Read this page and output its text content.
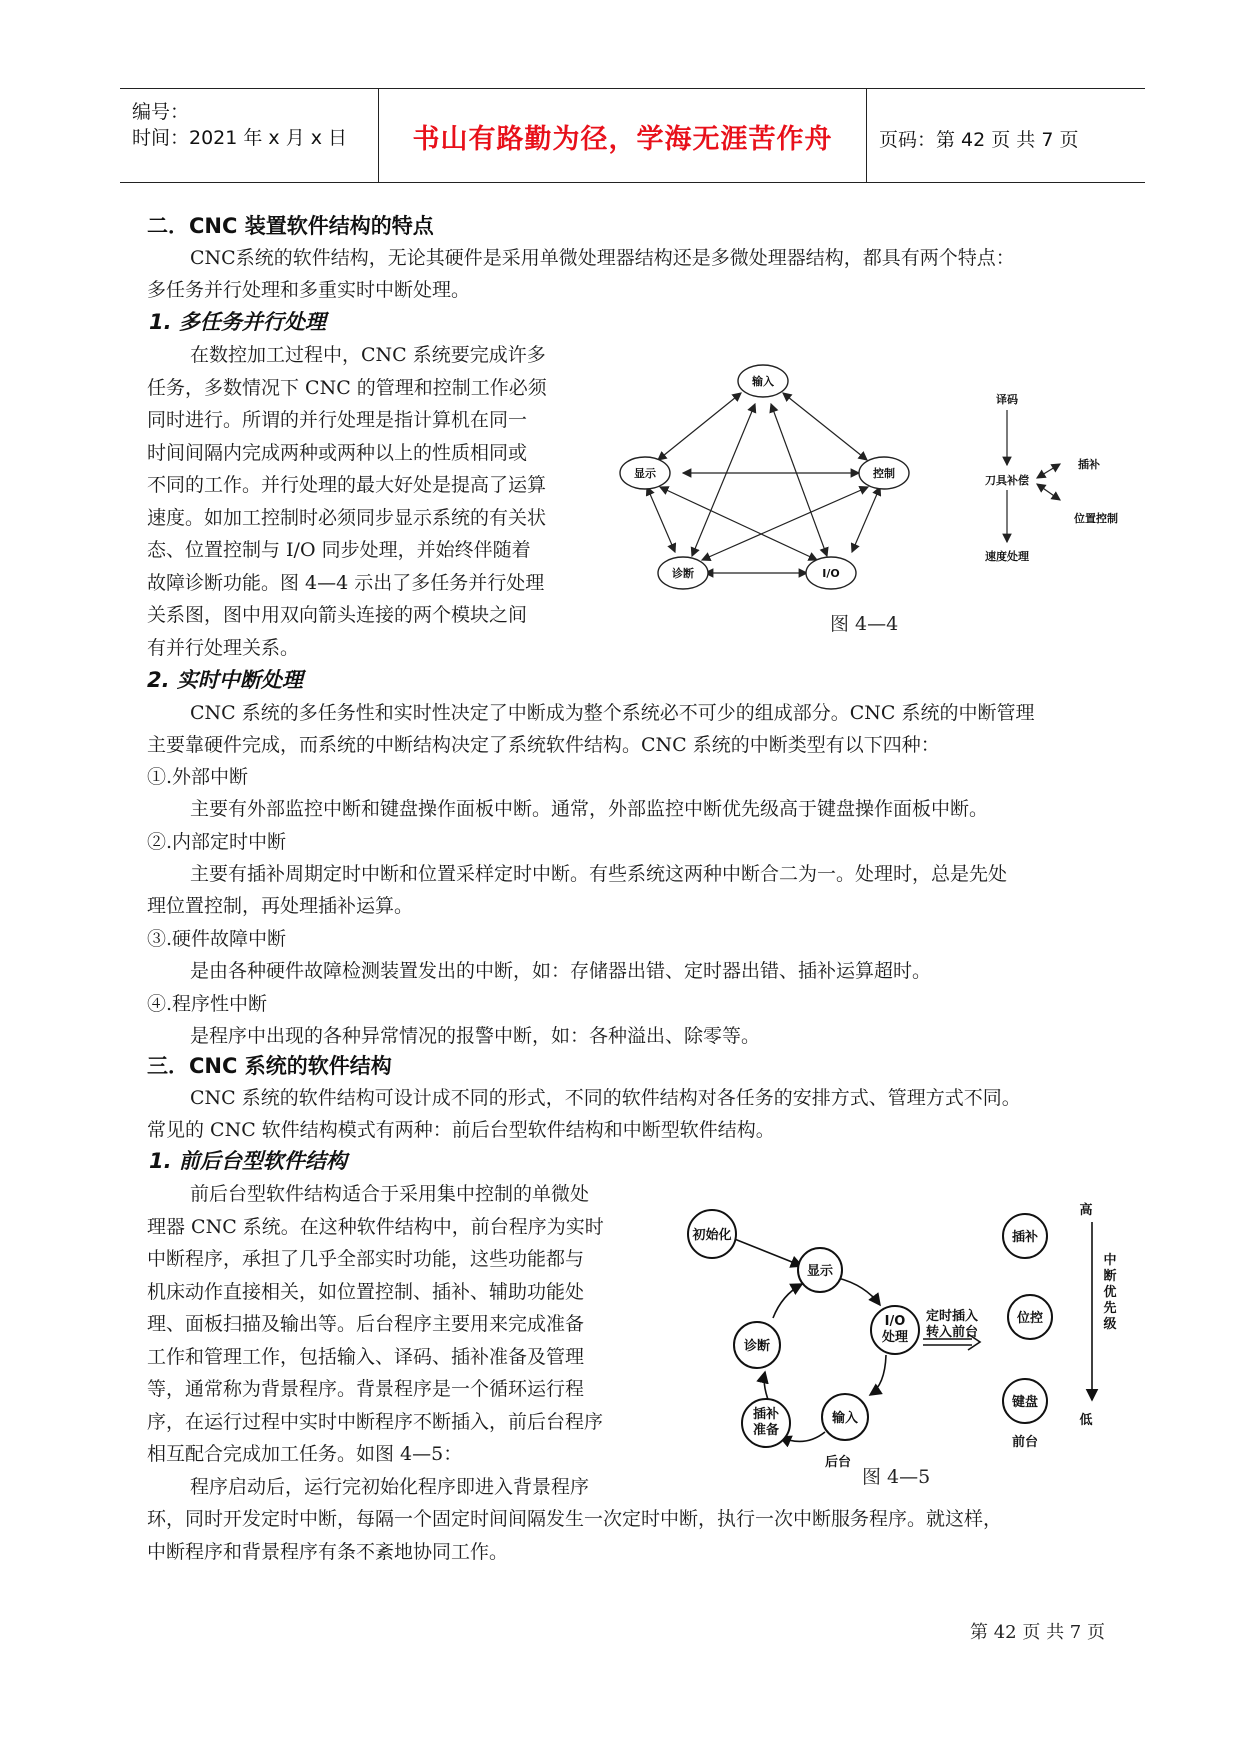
编号：
时间：2021 年 x 月 x 日	书山有路勤为径，学海无涯苦作舟	页码：第 42 页 共 7 页
二．CNC 装置软件结构的特点
CNC系统的软件结构，无论其硬件是采用单微处理器结构还是多微处理器结构，都具有两个特点：
多任务并行处理和多重实时中断处理。
1. 多任务并行处理
在数控加工过程中，CNC 系统要完成许多
任务，多数情况下 CNC 的管理和控制工作必须
同时进行。所谓的并行处理是指计算机在同一
时间间隔内完成两种或两种以上的性质相同或
不同的工作。并行处理的最大好处是提高了运算
速度。如加工控制时必须同步显示系统的有关状
态、位置控制与 I/O 同步处理，并始终伴随着
故障诊断功能。图 4—4 示出了多任务并行处理
关系图，图中用双向箭头连接的两个模块之间
有并行处理关系。
输入
显示	控制
诊断	I/O
译码
刀具补偿
插补
位置控制
速度处理
图 4—4
2. 实时中断处理
CNC 系统的多任务性和实时性决定了中断成为整个系统必不可少的组成部分。CNC 系统的中断管理
主要靠硬件完成，而系统的中断结构决定了系统软件结构。CNC 系统的中断类型有以下四种：
①.外部中断
主要有外部监控中断和键盘操作面板中断。通常，外部监控中断优先级高于键盘操作面板中断。
②.内部定时中断
主要有插补周期定时中断和位置采样定时中断。有些系统这两种中断合二为一。处理时，总是先处
理位置控制，再处理插补运算。
③.硬件故障中断
是由各种硬件故障检测装置发出的中断，如：存储器出错、定时器出错、插补运算超时。
④.程序性中断
是程序中出现的各种异常情况的报警中断，如：各种溢出、除零等。
三．CNC 系统的软件结构
CNC 系统的软件结构可设计成不同的形式，不同的软件结构对各任务的安排方式、管理方式不同。
常见的 CNC 软件结构模式有两种：前后台型软件结构和中断型软件结构。
1. 前后台型软件结构
前后台型软件结构适合于采用集中控制的单微处
理器 CNC 系统。在这种软件结构中，前台程序为实时
中断程序，承担了几乎全部实时功能，这些功能都与
机床动作直接相关，如位置控制、插补、辅助功能处
理、面板扫描及输出等。后台程序主要用来完成准备
工作和管理工作，包括输入、译码、插补准备及管理
等，通常称为背景程序。背景程序是一个循环运行程
序，在运行过程中实时中断程序不断插入，前后台程序
相互配合完成加工任务。如图 4—5：
程序启动后，运行完初始化程序即进入背景程序
初始化
显示
I/O
处理
诊断
输入
插补
准备
后台
定时插入
转入前台
插补
位控
键盘
前台
高
低
中
断
优
先
级
图 4—5
环，同时开发定时中断，每隔一个固定时间间隔发生一次定时中断，执行一次中断服务程序。就这样，
中断程序和背景程序有条不紊地协同工作。
第 42 页 共 7 页
